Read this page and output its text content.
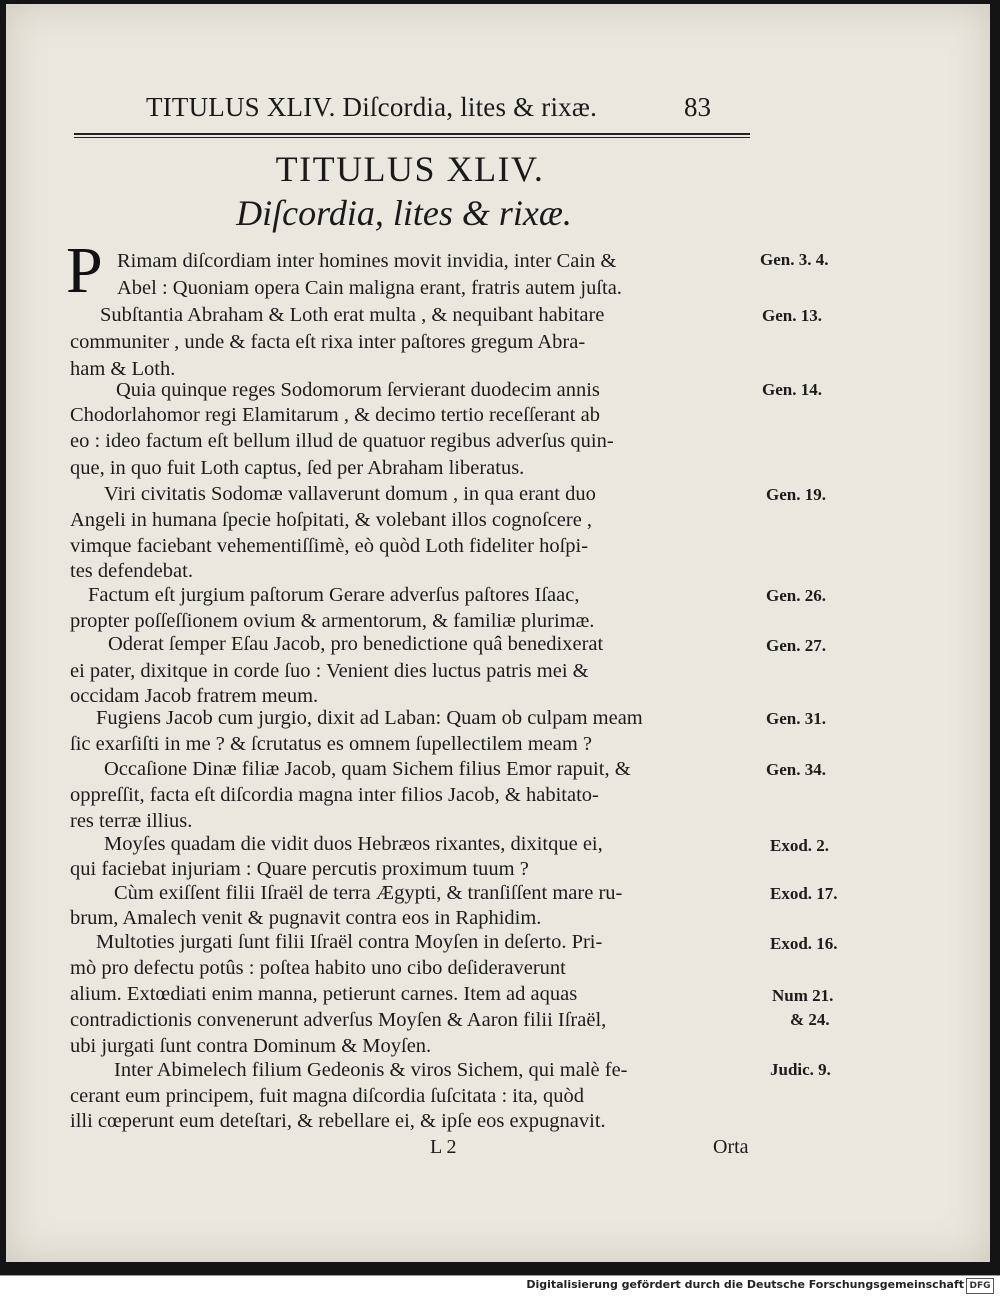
TITULUS XLIV. Diſcordia, lites & rixæ.	83
TITULUS XLIV.
Diſcordia, lites & rixæ.
P Rimam diſcordiam inter homines movit invidia, inter Cain &
Abel : Quoniam opera Cain maligna erant, fratris autem juſta.
Subſtantia Abraham & Loth erat multa , & nequibant habitare
communiter , unde & facta eſt rixa inter paſtores gregum Abra-
ham & Loth.
Quia quinque reges Sodomorum ſervierant duodecim annis
Chodorlahomor regi Elamitarum , & decimo tertio receſſerant ab
eo : ideo factum eſt bellum illud de quatuor regibus adverſus quin-
que, in quo fuit Loth captus, ſed per Abraham liberatus.
Viri civitatis Sodomæ vallaverunt domum , in qua erant duo
Angeli in humana ſpecie hoſpitati, & volebant illos cognoſcere ,
vimque faciebant vehementiſſimè, eò quòd Loth fideliter hoſpi-
tes defendebat.
Factum eſt jurgium paſtorum Gerare adverſus paſtores Iſaac,
propter poſſeſſionem ovium & armentorum, & familiæ plurimæ.
Oderat ſemper Eſau Jacob, pro benedictione quâ benedixerat
ei pater, dixitque in corde ſuo : Venient dies luctus patris mei &
occidam Jacob fratrem meum.
Fugiens Jacob cum jurgio, dixit ad Laban: Quam ob culpam meam
ſic exarſiſti in me ? & ſcrutatus es omnem ſupellectilem meam ?
Occaſione Dinæ filiæ Jacob, quam Sichem filius Emor rapuit, &
oppreſſit, facta eſt diſcordia magna inter filios Jacob, & habitato-
res terræ illius.
Moyſes quadam die vidit duos Hebræos rixantes, dixitque ei,
qui faciebat injuriam : Quare percutis proximum tuum ?
Cùm exiſſent filii Iſraël de terra Ægypti, & tranſiſſent mare ru-
brum, Amalech venit & pugnavit contra eos in Raphidim.
Multoties jurgati ſunt filii Iſraël contra Moyſen in deſerto. Pri-
mò pro defectu potûs : poſtea habito uno cibo deſideraverunt
alium. Extœdiati enim manna, petierunt carnes. Item ad aquas
contradictionis convenerunt adverſus Moyſen & Aaron filii Iſraël,
ubi jurgati ſunt contra Dominum & Moyſen.
Inter Abimelech filium Gedeonis & viros Sichem, qui malè fe-
cerant eum principem, fuit magna diſcordia ſuſcitata : ita, quòd
illi cœperunt eum deteſtari, & rebellare ei, & ipſe eos expugnavit.
Gen. 3. 4.
Gen. 13.
Gen. 14.
Gen. 19.
Gen. 26.
Gen. 27.
Gen. 31.
Gen. 34.
Exod. 2.
Exod. 17.
Exod. 16.
Num 21.
& 24.
Judic. 9.
L 2	Orta
Digitalisierung gefördert durch die Deutsche Forschungsgemeinschaft DFG
